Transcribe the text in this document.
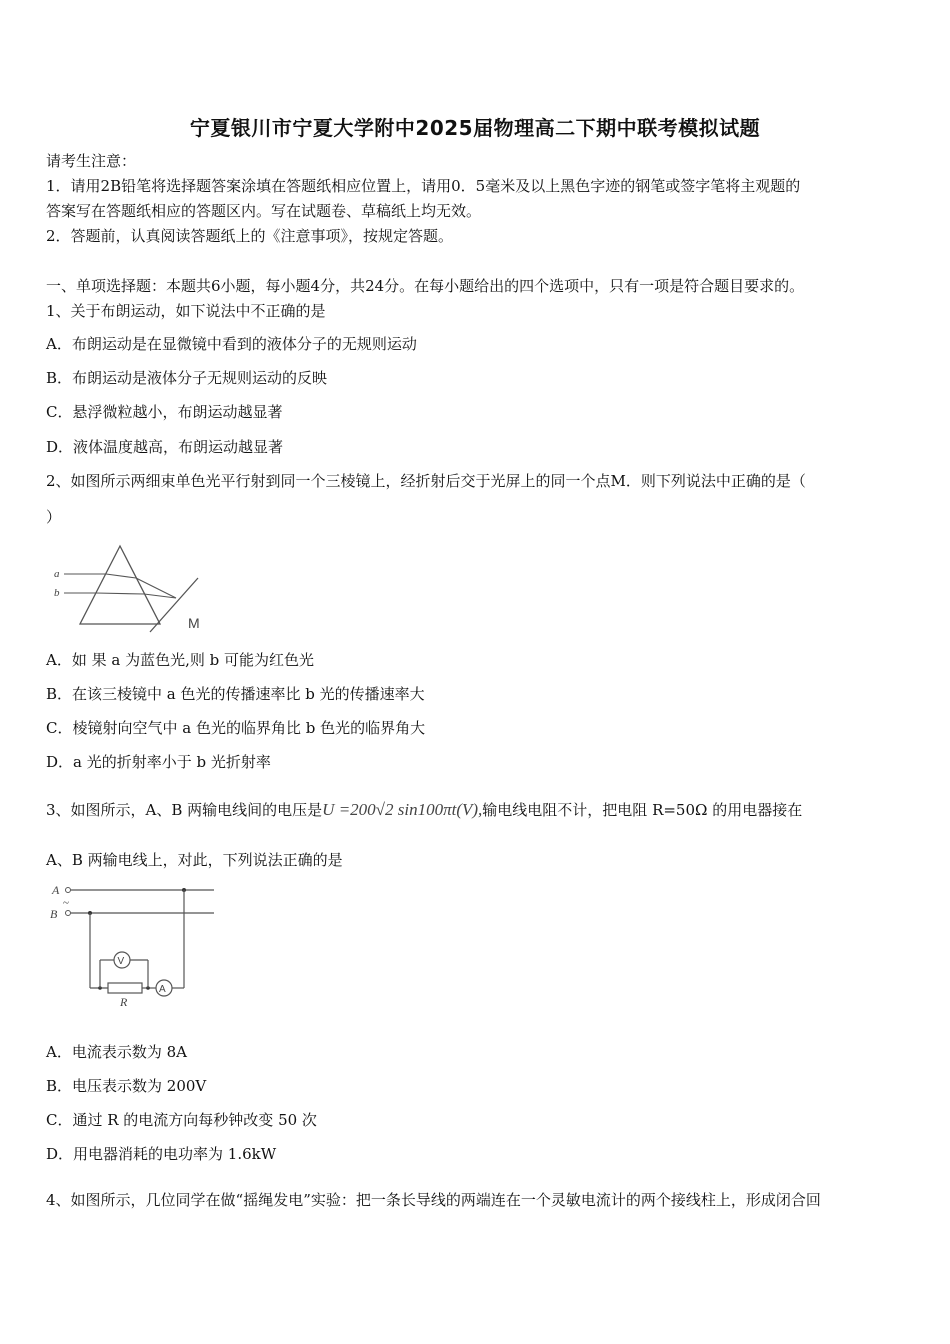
宁夏银川市宁夏大学附中2025届物理高二下期中联考模拟试题
请考生注意：
1．请用2B铅笔将选择题答案涂填在答题纸相应位置上，请用0．5毫米及以上黑色字迹的钢笔或签字笔将主观题的
答案写在答题纸相应的答题区内。写在试题卷、草稿纸上均无效。
2．答题前，认真阅读答题纸上的《注意事项》，按规定答题。
一、单项选择题：本题共6小题，每小题4分，共24分。在每小题给出的四个选项中，只有一项是符合题目要求的。
1、关于布朗运动，如下说法中不正确的是
A．布朗运动是在显微镜中看到的液体分子的无规则运动
B．布朗运动是液体分子无规则运动的反映
C．悬浮微粒越小，布朗运动越显著
D．液体温度越高，布朗运动越显著
2、如图所示两细束单色光平行射到同一个三棱镜上，经折射后交于光屏上的同一个点M．则下列说法中正确的是（
）
a
b
M
A．如 果 a 为蓝色光,则 b 可能为红色光
B．在该三棱镜中 a 色光的传播速率比 b 光的传播速率大
C．棱镜射向空气中 a 色光的临界角比 b 色光的临界角大
D．a 光的折射率小于 b 光折射率
3、如图所示，A、B 两输电线间的电压是U =200√2 sin100πt(V),输电线电阻不计，把电阻 R=50Ω 的用电器接在
A、B 两输电线上，对此，下列说法正确的是
A
B
~
A
R
V
A．电流表示数为 8A
B．电压表示数为 200V
C．通过 R 的电流方向每秒钟改变 50 次
D．用电器消耗的电功率为 1.6kW
4、如图所示，几位同学在做“摇绳发电”实验：把一条长导线的两端连在一个灵敏电流计的两个接线柱上，形成闭合回
